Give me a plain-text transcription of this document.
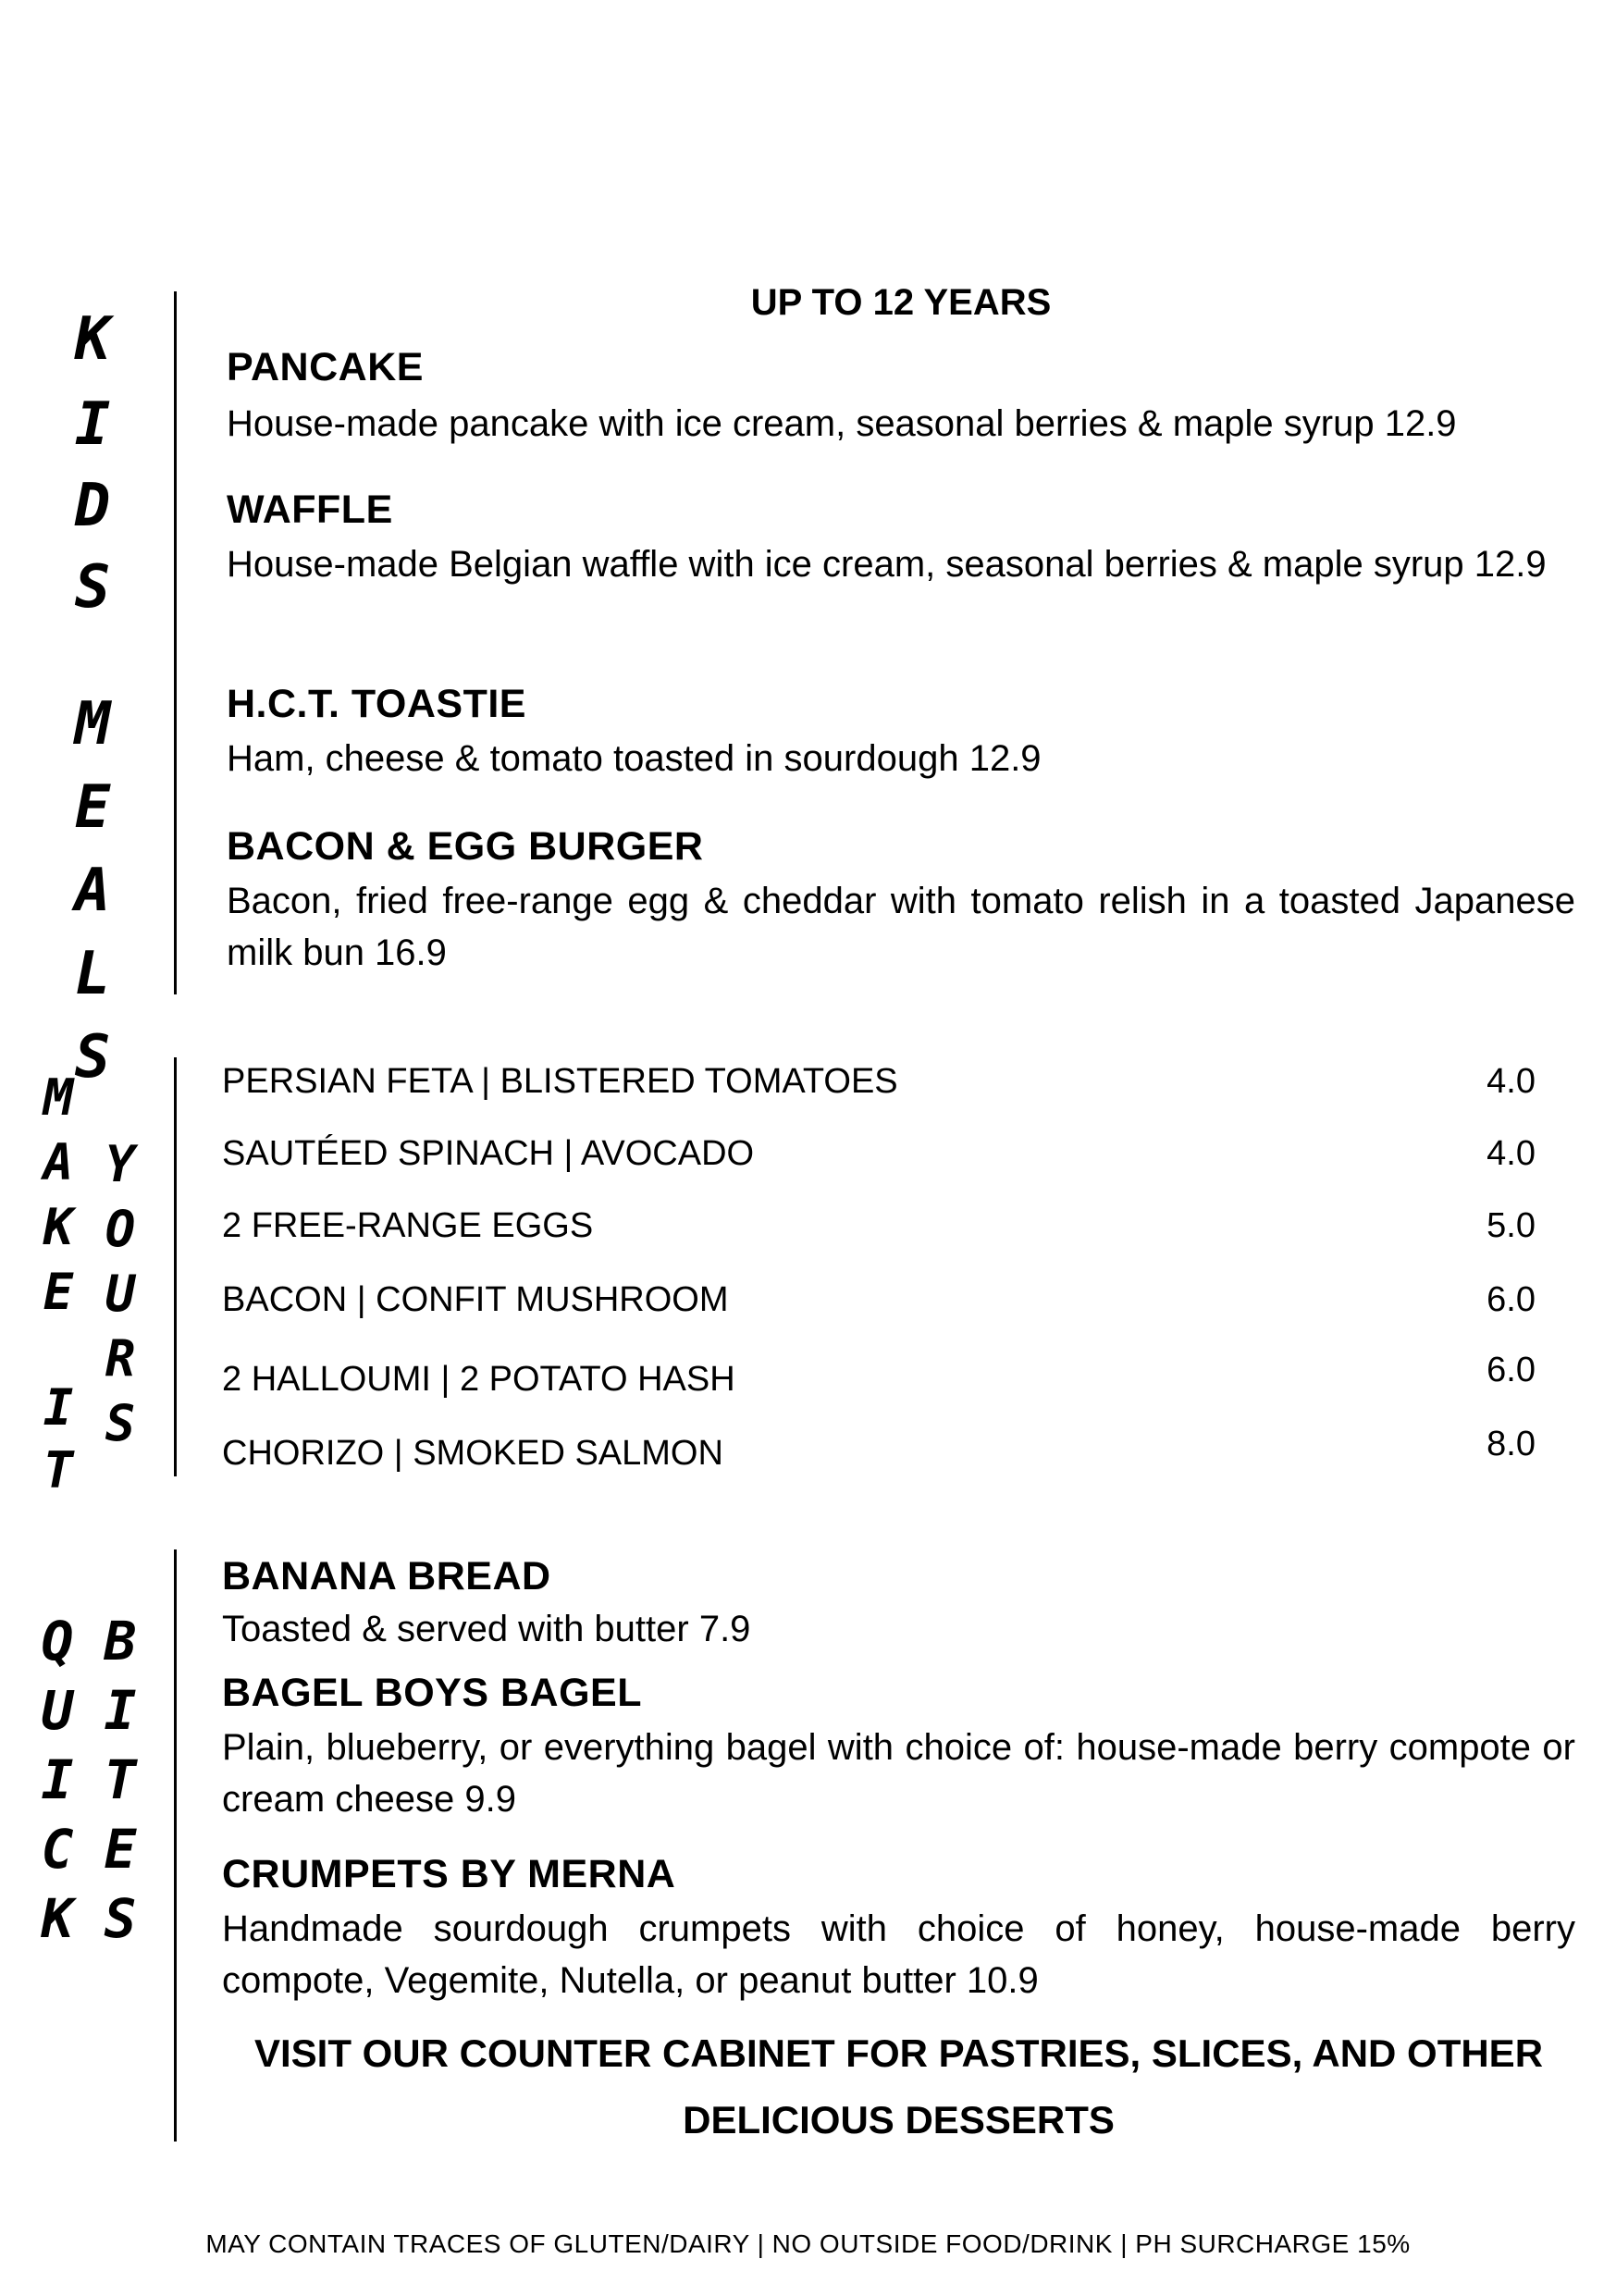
K
I
D
S
M
E
A
L
S
UP TO 12 YEARS
PANCAKE
House-made pancake with ice cream, seasonal berries & maple syrup 12.9
WAFFLE
House-made Belgian waffle with ice cream, seasonal berries & maple syrup 12.9
H.C.T. TOASTIE
Ham, cheese & tomato toasted in sourdough 12.9
BACON & EGG BURGER
Bacon, fried free-range egg & cheddar with tomato relish in a toasted Japanese milk bun 16.9
M
A
K
E
I
T
Y
O
U
R
S
PERSIAN FETA | BLISTERED TOMATOES	4.0
SAUTÉED SPINACH | AVOCADO	4.0
2 FREE-RANGE EGGS	5.0
BACON | CONFIT MUSHROOM	6.0
2 HALLOUMI | 2 POTATO HASH	6.0
CHORIZO | SMOKED SALMON	8.0
Q
U
I
C
K
B
I
T
E
S
BANANA BREAD
Toasted & served with butter 7.9
BAGEL BOYS BAGEL
Plain, blueberry, or everything bagel with choice of: house-made berry compote or cream cheese 9.9
CRUMPETS BY MERNA
Handmade sourdough crumpets with choice of honey, house-made berry compote, Vegemite, Nutella, or peanut butter 10.9
VISIT OUR COUNTER CABINET FOR PASTRIES, SLICES, AND OTHER DELICIOUS DESSERTS
MAY CONTAIN TRACES OF GLUTEN/DAIRY | NO OUTSIDE FOOD/DRINK | PH SURCHARGE 15%
